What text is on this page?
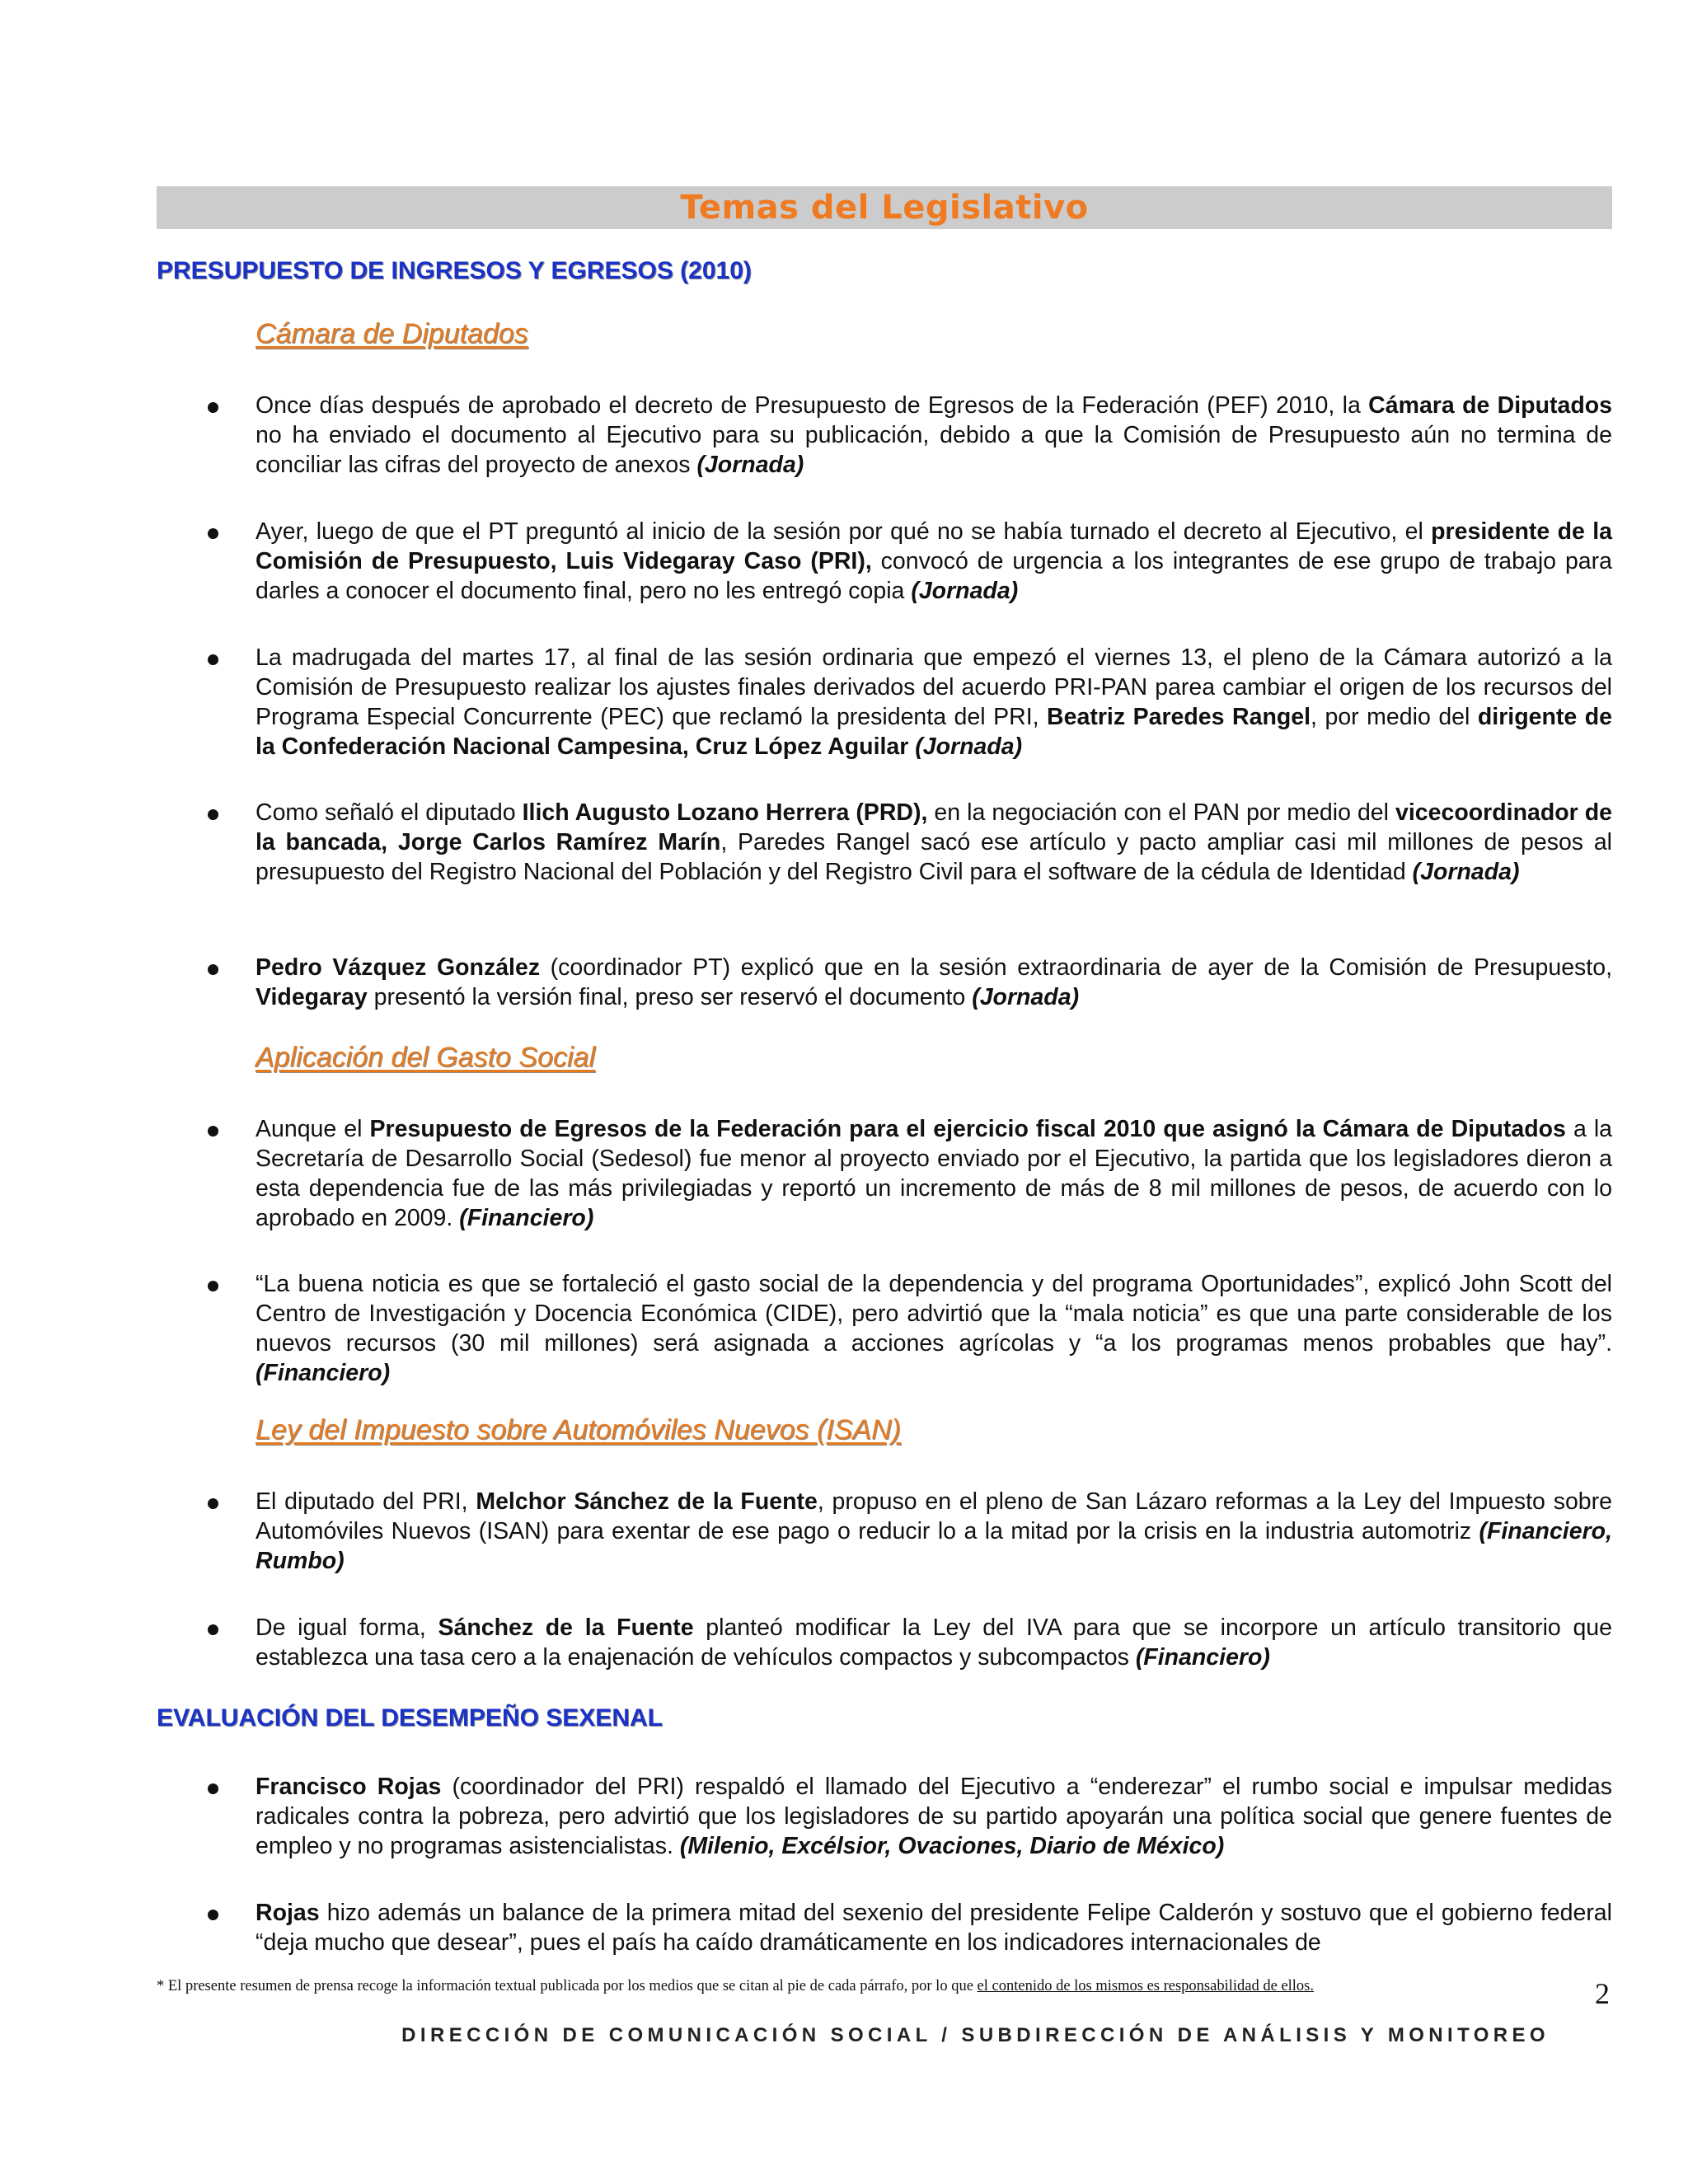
Temas del Legislativo
PRESUPUESTO DE INGRESOS Y EGRESOS (2010)
Cámara de Diputados

Once días después de aprobado el decreto de Presupuesto de Egresos de la Federación (PEF) 2010, la Cámara de Diputados no ha enviado el documento al Ejecutivo para su publicación, debido a que la Comisión de Presupuesto aún no termina de conciliar las cifras del proyecto de anexos (Jornada)

Ayer, luego de que el PT preguntó al inicio de la sesión por qué no se había turnado el decreto al Ejecutivo, el presidente de la Comisión de Presupuesto, Luis Videgaray Caso (PRI), convocó de urgencia a los integrantes de ese grupo de trabajo para darles a conocer el documento final, pero no les entregó copia (Jornada)

La madrugada del martes 17, al final de las sesión ordinaria que empezó el viernes 13, el pleno de la Cámara autorizó a la Comisión de Presupuesto realizar los ajustes finales derivados del acuerdo PRI-PAN parea cambiar el origen de los recursos del Programa Especial Concurrente (PEC) que reclamó la presidenta del PRI, Beatriz Paredes Rangel, por medio del dirigente de la Confederación Nacional Campesina, Cruz López Aguilar (Jornada)

Como señaló el diputado Ilich Augusto Lozano Herrera (PRD), en la negociación con el PAN por medio del vicecoordinador de la bancada, Jorge Carlos Ramírez Marín, Paredes Rangel sacó ese artículo y pacto ampliar casi mil millones de pesos al presupuesto del Registro Nacional del Población y del Registro Civil para el software de la cédula de Identidad (Jornada)

Pedro Vázquez González (coordinador PT) explicó que en la sesión extraordinaria de ayer de la Comisión de Presupuesto, Videgaray presentó la versión final, preso ser reservó el documento (Jornada)

Aplicación del Gasto Social

Aunque el Presupuesto de Egresos de la Federación para el ejercicio fiscal 2010 que asignó la Cámara de Diputados a la Secretaría de Desarrollo Social (Sedesol) fue menor al proyecto enviado por el Ejecutivo, la partida que los legisladores dieron a esta dependencia fue de las más privilegiadas y reportó un incremento de más de 8 mil millones de pesos, de acuerdo con lo aprobado en 2009. (Financiero)

“La buena noticia es que se fortaleció el gasto social de la dependencia y del programa Oportunidades”, explicó John Scott del Centro de Investigación y Docencia Económica (CIDE), pero advirtió que la “mala noticia” es que una parte considerable de los nuevos recursos (30 mil millones) será asignada a acciones agrícolas y “a los programas menos probables que hay”. (Financiero)

Ley del Impuesto sobre Automóviles Nuevos (ISAN)

El diputado del PRI, Melchor Sánchez de la Fuente, propuso en el pleno de San Lázaro reformas a la Ley del Impuesto sobre Automóviles Nuevos (ISAN) para exentar de ese pago o reducir lo a la mitad por la crisis en la industria automotriz (Financiero, Rumbo)

De igual forma, Sánchez de la Fuente planteó modificar la Ley del IVA para que se incorpore un artículo transitorio que establezca una tasa cero a la enajenación de vehículos compactos y subcompactos (Financiero)

EVALUACIÓN DEL DESEMPEÑO SEXENAL

Francisco Rojas (coordinador del PRI) respaldó el llamado del Ejecutivo a “enderezar” el rumbo social e impulsar medidas radicales contra la pobreza, pero advirtió que los legisladores de su partido apoyarán una política social que genere fuentes de empleo y no programas asistencialistas. (Milenio, Excélsior, Ovaciones, Diario de México)

Rojas hizo además un balance de la primera mitad del sexenio del presidente Felipe Calderón y sostuvo que el gobierno federal “deja mucho que desear”, pues el país ha caído dramáticamente en los indicadores internacionales de

* El presente resumen de prensa recoge la información textual publicada por los medios que se citan al pie de cada párrafo, por lo que el contenido de los mismos es responsabilidad de ellos.	2
DIRECCIÓN DE COMUNICACIÓN SOCIAL / SUBDIRECCIÓN DE ANÁLISIS Y MONITOREO
